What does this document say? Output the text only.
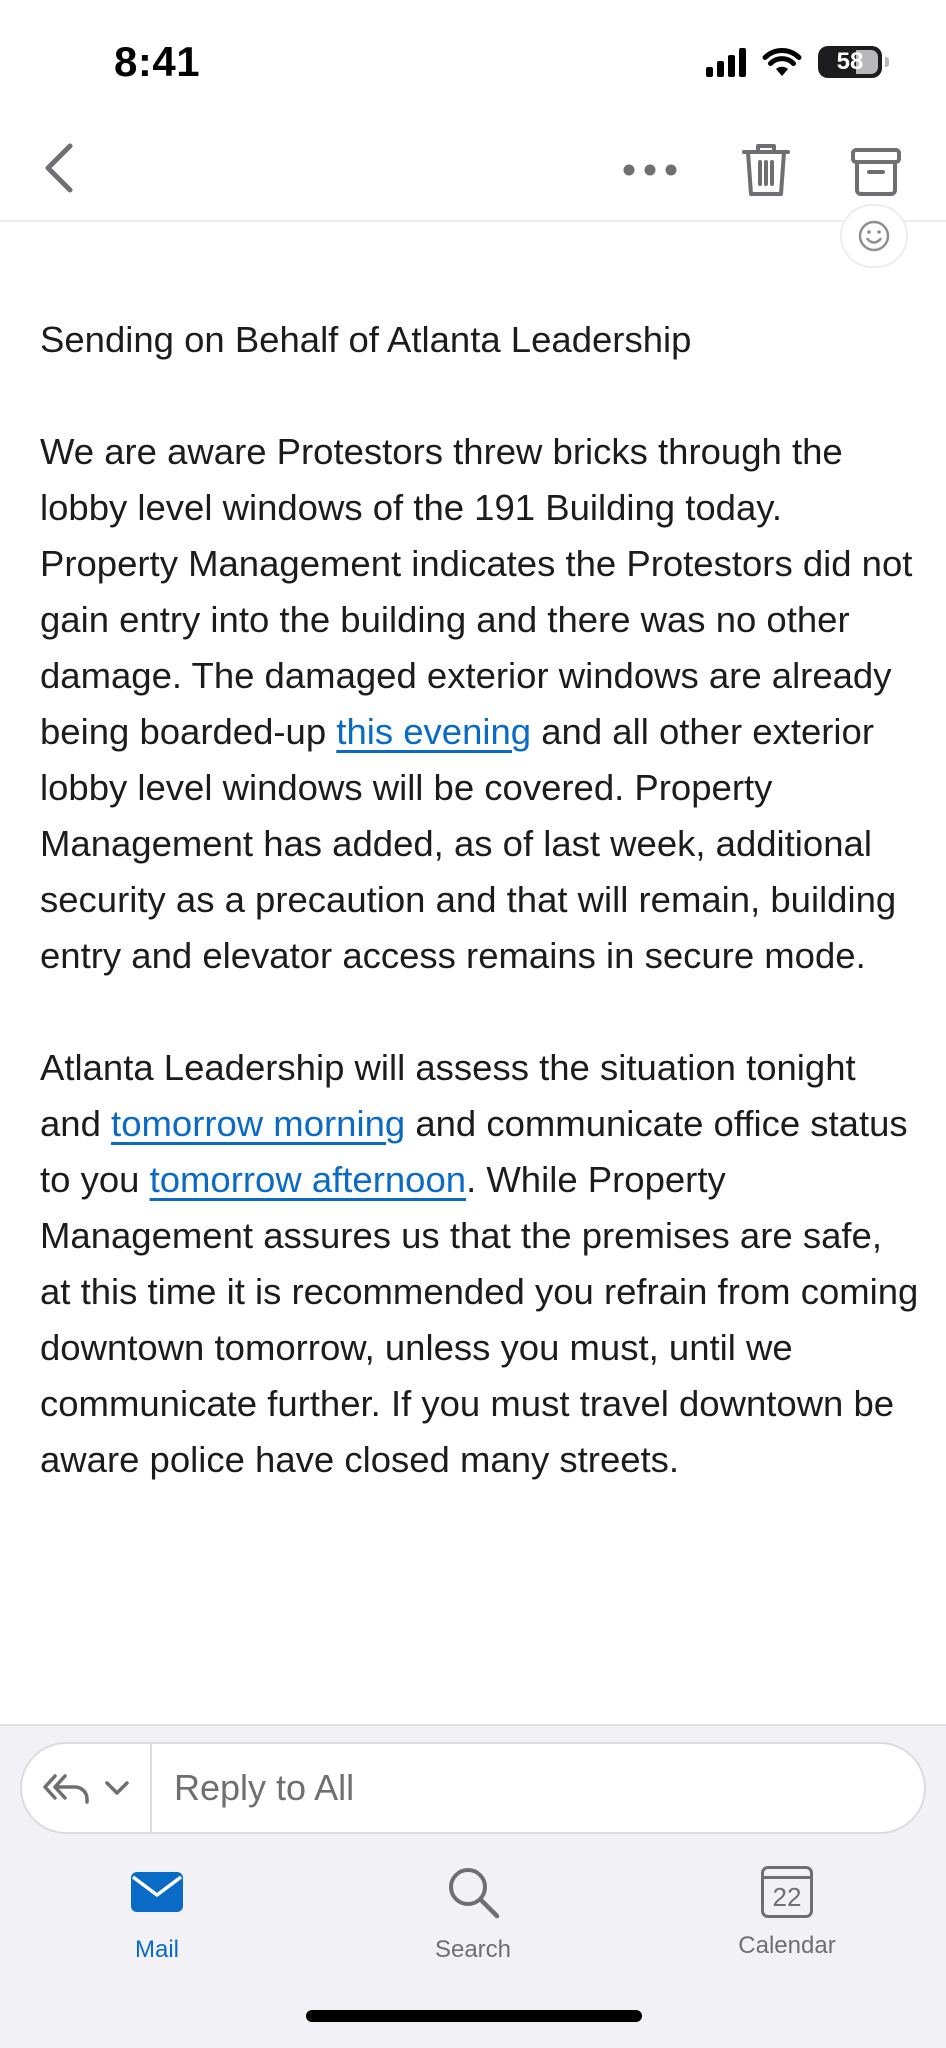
8:41	58

Sending on Behalf of Atlanta Leadership

We are aware Protestors threw bricks through the lobby level windows of the 191 Building today. Property Management indicates the Protestors did not gain entry into the building and there was no other damage. The damaged exterior windows are already being boarded-up this evening and all other exterior lobby level windows will be covered. Property Management has added, as of last week, additional security as a precaution and that will remain, building entry and elevator access remains in secure mode.

Atlanta Leadership will assess the situation tonight and tomorrow morning and communicate office status to you tomorrow afternoon. While Property Management assures us that the premises are safe, at this time it is recommended you refrain from coming downtown tomorrow, unless you must, until we communicate further. If you must travel downtown be aware police have closed many streets.

Reply to All
Mail	Search
22
Calendar
